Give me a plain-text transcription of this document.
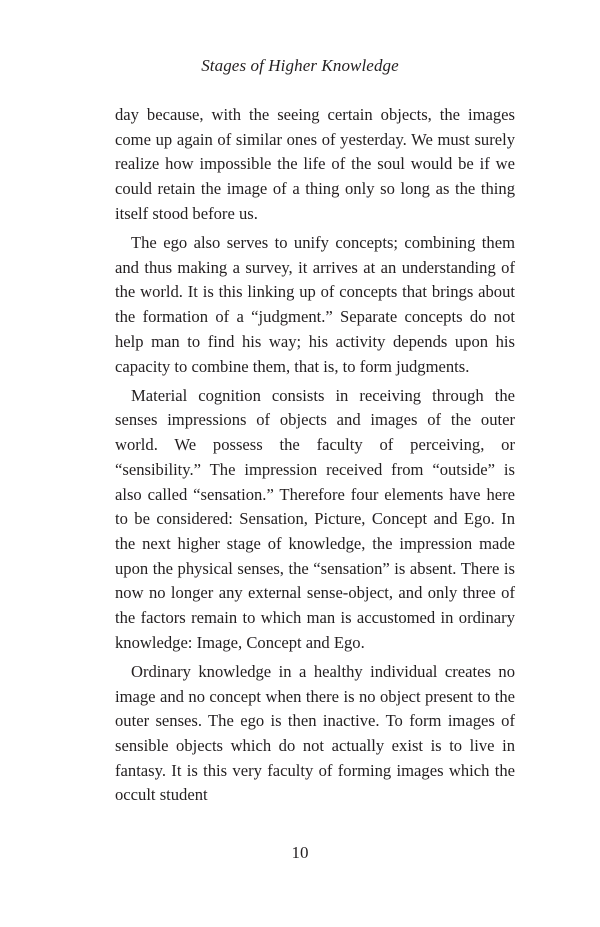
Stages of Higher Knowledge

day because, with the seeing certain objects, the images come up again of similar ones of yesterday. We must surely realize how impossible the life of the soul would be if we could retain the image of a thing only so long as the thing itself stood before us.

The ego also serves to unify concepts; combining them and thus making a survey, it arrives at an understanding of the world. It is this linking up of concepts that brings about the formation of a “judgment.” Separate concepts do not help man to find his way; his activity depends upon his capacity to combine them, that is, to form judgments.

Material cognition consists in receiving through the senses impressions of objects and images of the outer world. We possess the faculty of perceiving, or “sensibility.” The impression received from “outside” is also called “sensation.” Therefore four elements have here to be considered: Sensation, Picture, Concept and Ego. In the next higher stage of knowledge, the impression made upon the physical senses, the “sensation” is absent. There is now no longer any external sense-object, and only three of the factors remain to which man is accustomed in ordinary knowledge: Image, Concept and Ego.

Ordinary knowledge in a healthy individual creates no image and no concept when there is no object present to the outer senses. The ego is then inactive. To form images of sensible objects which do not actually exist is to live in fantasy. It is this very faculty of forming images which the occult student

10
